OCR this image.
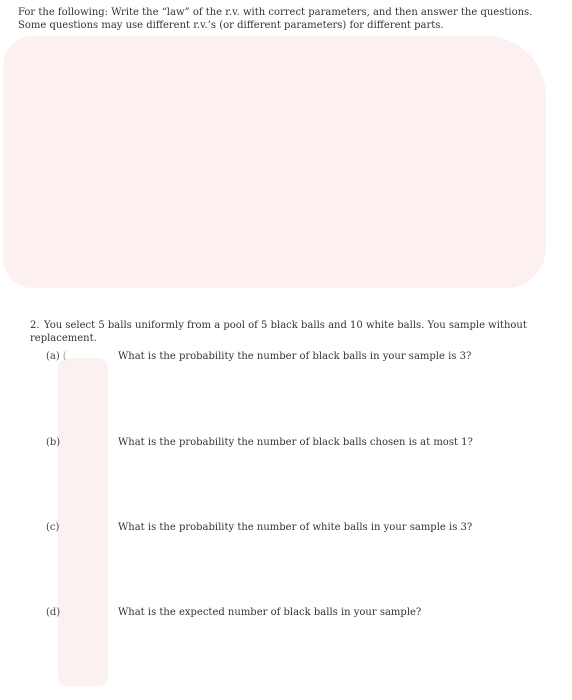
For the following: Write the “law” of the r.v. with correct parameters, and then answer the questions. Some questions may use different r.v.’s (or different parameters) for different parts.
2. You select 5 balls uniformly from a pool of 5 black balls and 10 white balls. You sample without replacement.
(a) (	What is the probability the number of black balls in your sample is 3?
(b)	What is the probability the number of black balls chosen is at most 1?
(c)	What is the probability the number of white balls in your sample is 3?
(d)	What is the expected number of black balls in your sample?
